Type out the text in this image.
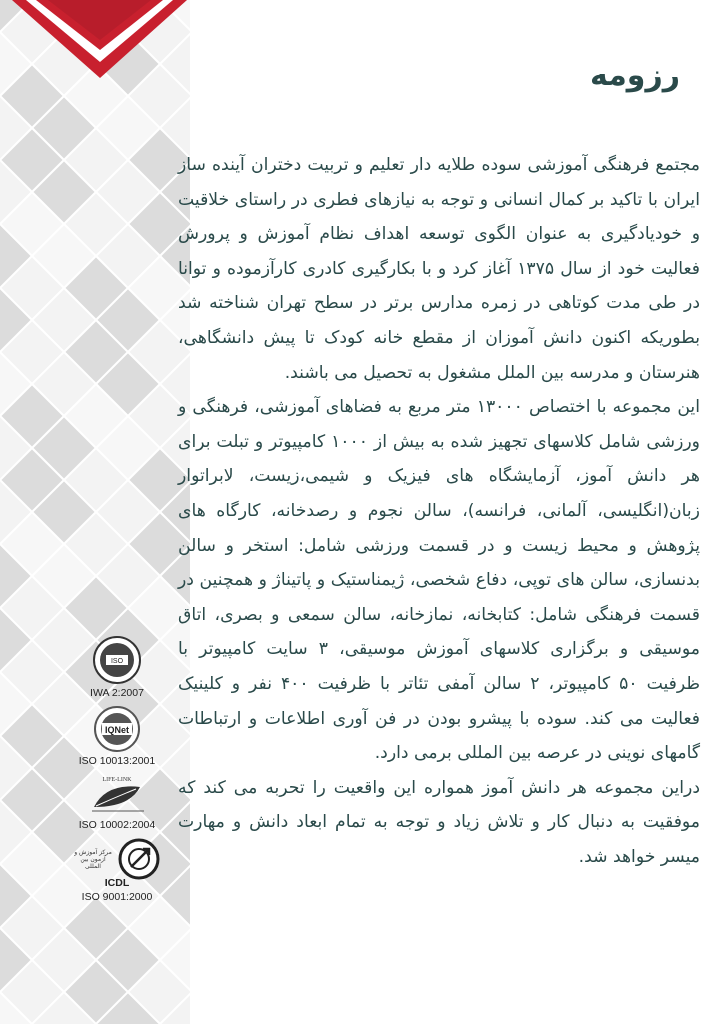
رزومه

مجتمع فرهنگی آموزشی سوده طلایه دار تعلیم و تربیت دختران آینده ساز ایران با تاکید بر کمال انسانی و توجه به نیازهای فطری در راستای خلاقیت و خودیادگیری به عنوان الگوی توسعه اهداف نظام آموزش و پرورش فعالیت خود از سال ۱۳۷۵ آغاز کرد و با بکارگیری کادری کارآزموده و توانا در طی مدت کوتاهی در زمره مدارس برتر در سطح تهران شناخته شد بطوریکه اکنون دانش آموزان از مقطع خانه کودک تا پیش دانشگاهی، هنرستان و مدرسه بین الملل مشغول به تحصیل می باشند.

این مجموعه با اختصاص ۱۳۰۰۰ متر مربع به فضاهای آموزشی، فرهنگی و ورزشی شامل کلاسهای تجهیز شده به بیش از ۱۰۰۰ کامپیوتر و تبلت برای هر دانش آموز، آزمایشگاه های فیزیک و شیمی،زیست، لابراتوار زبان(انگلیسی، آلمانی، فرانسه)، سالن نجوم و رصدخانه، کارگاه های پژوهش و محیط زیست و در قسمت ورزشی شامل: استخر و سالن بدنسازی، سالن های توپی، دفاع شخصی، ژیمناستیک و پاتیناژ و همچنین در قسمت فرهنگی شامل: کتابخانه، نمازخانه، سالن سمعی و بصری، اتاق موسیقی و برگزاری کلاسهای آموزش موسیقی، ۳ سایت کامپیوتر با ظرفیت ۵۰ کامپیوتر، ۲ سالن آمفی تئاتر با ظرفیت ۴۰۰ نفر و کلینیک فعالیت می کند. سوده با پیشرو بودن در فن آوری اطلاعات و ارتباطات گامهای نوینی در عرصه بین المللی برمی دارد.

دراین مجموعه هر دانش آموز همواره این واقعیت را تحربه می کند که موفقیت به دنبال کار و تلاش زیاد و توجه به تمام ابعاد دانش و مهارت میسر خواهد شد.

ISO
IWA 2:2007
IQNet
ISO 10013:2001
LIFE-LINK
ISO 10002:2004
مرکز آموزش و آزمون بین المللی
ICDL
ISO 9001:2000
